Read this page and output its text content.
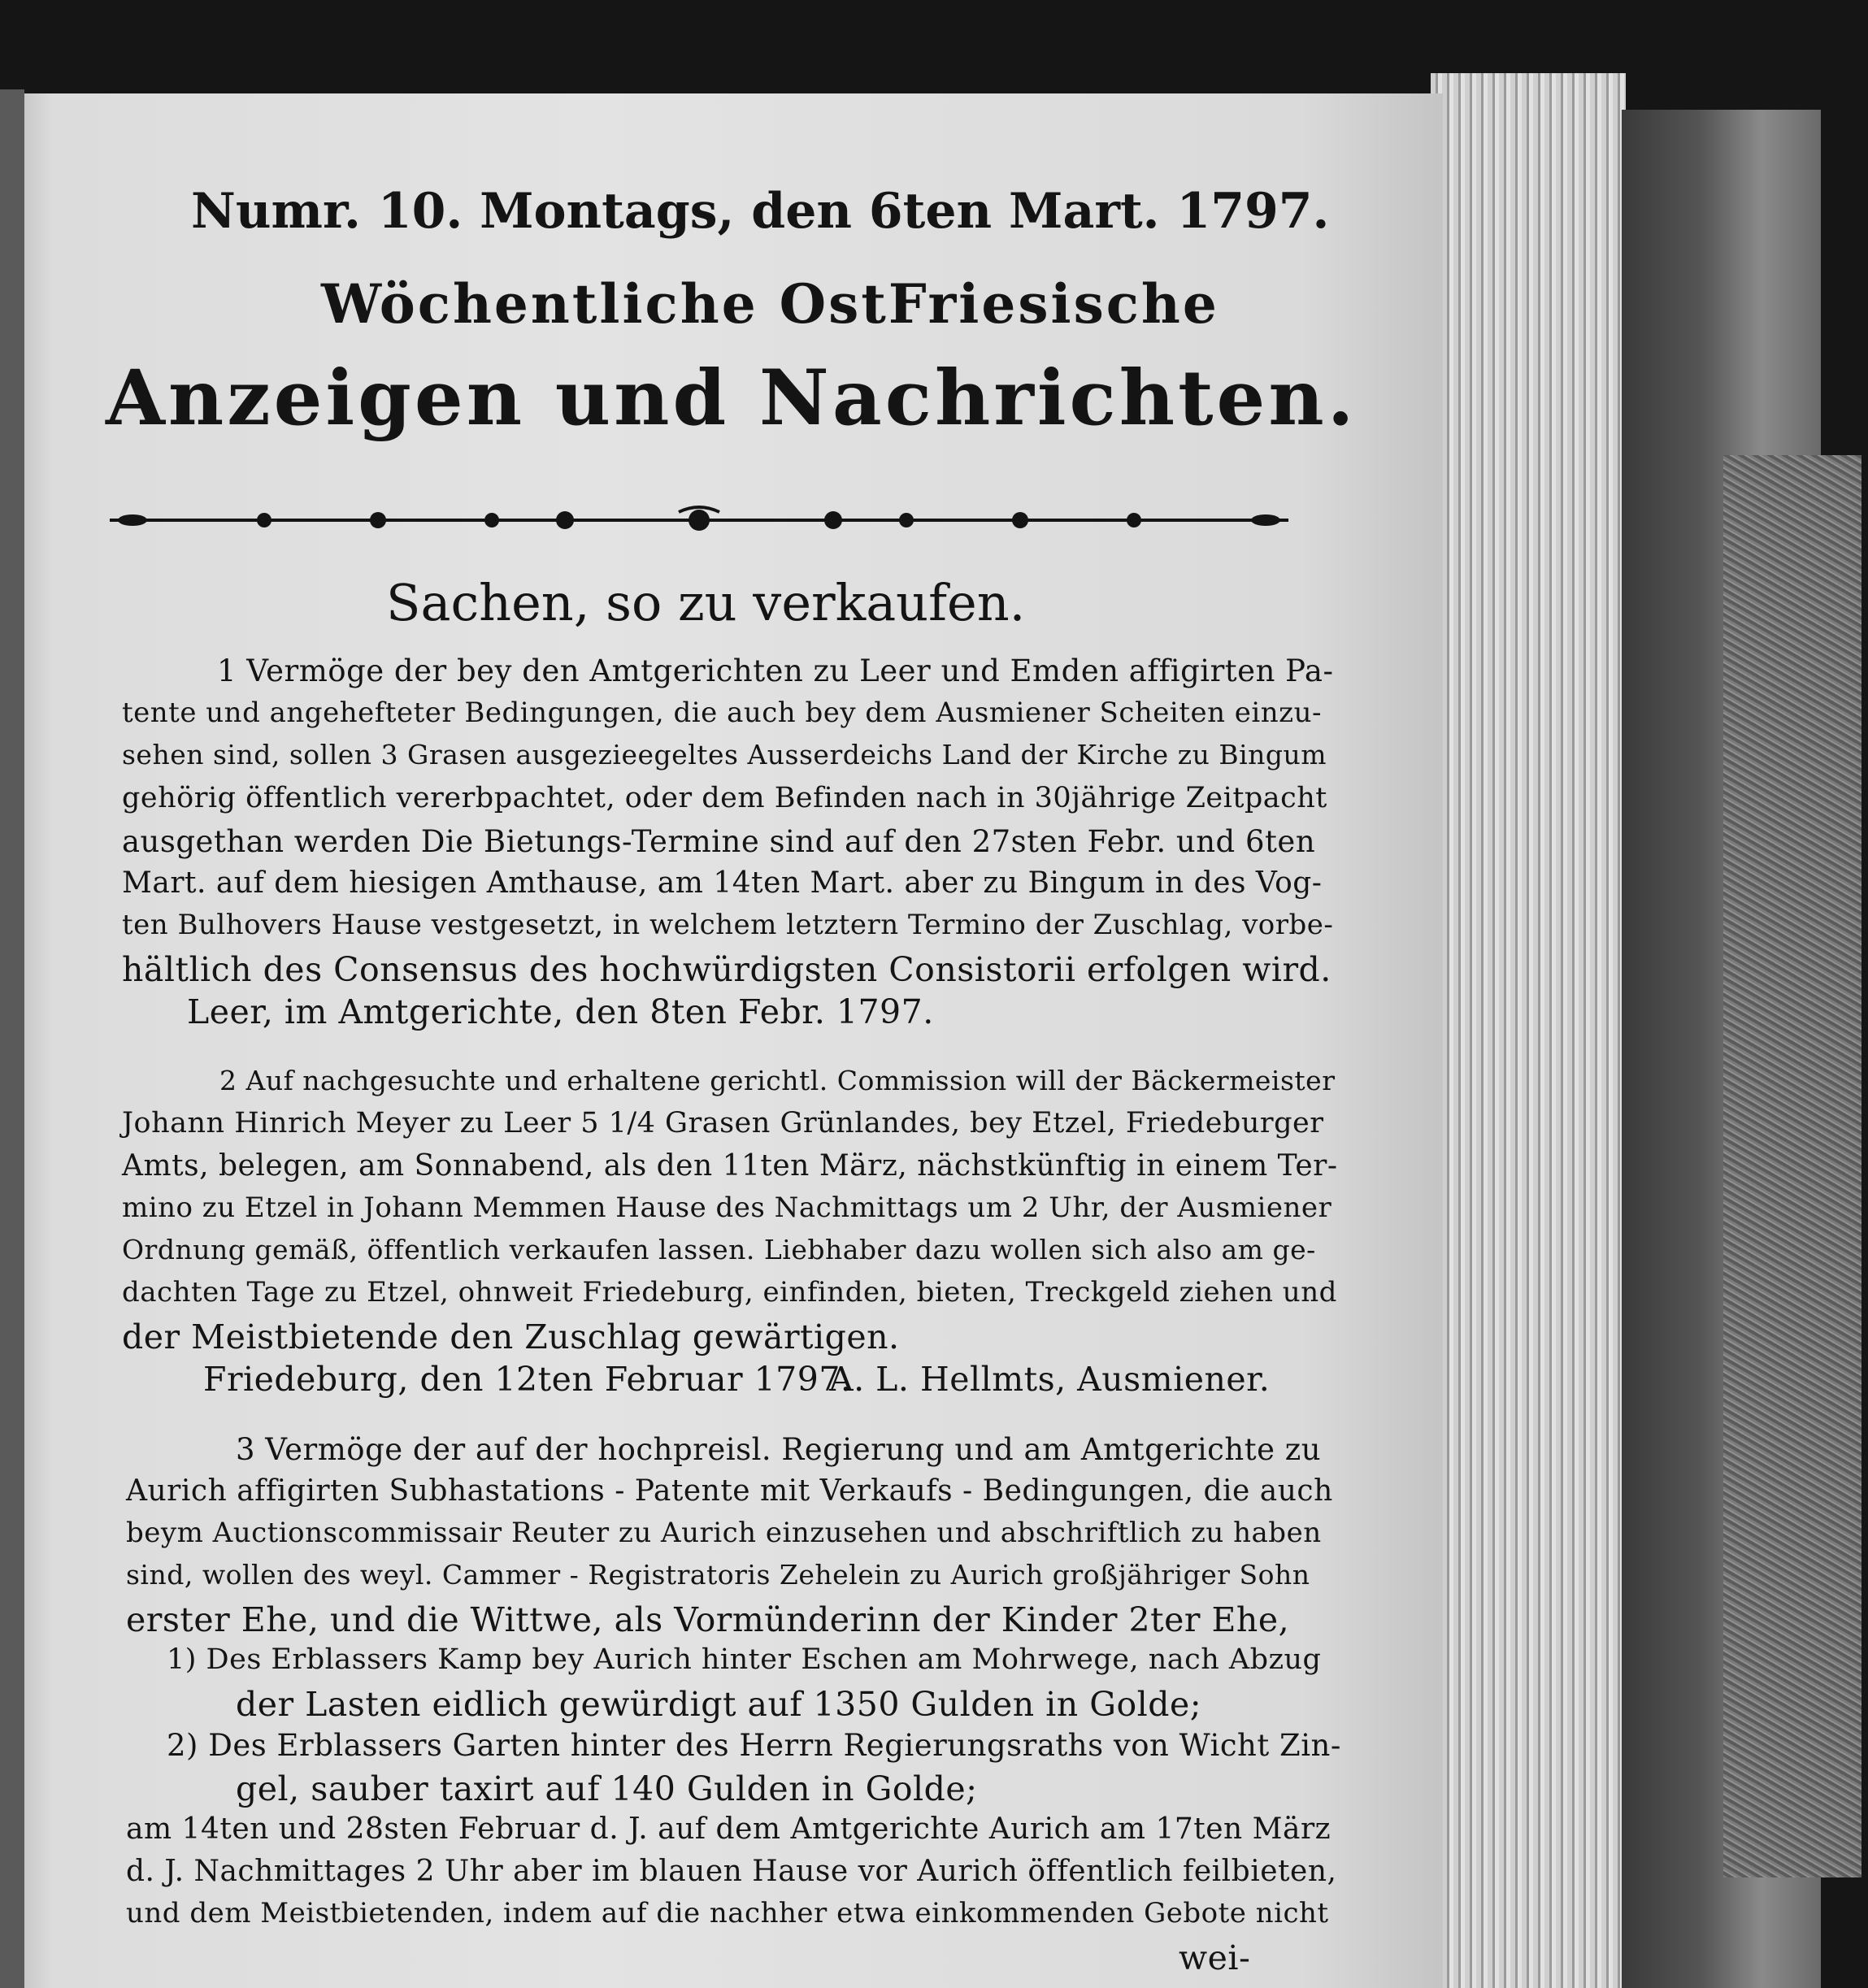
Numr. 10. Montags, den 6ten Mart. 1797.
Wöchentliche OstFriesische
Anzeigen und Nachrichten.
Sachen, so zu verkaufen.
1 Vermöge der bey den Amtgerichten zu Leer und Emden affigirten Pa-
tente und angehefteter Bedingungen, die auch bey dem Ausmiener Scheiten einzu-
sehen sind, sollen 3 Grasen ausgezieegeltes Ausserdeichs Land der Kirche zu Bingum
gehörig öffentlich vererbpachtet, oder dem Befinden nach in 30jährige Zeitpacht
ausgethan werden Die Bietungs-Termine sind auf den 27sten Febr. und 6ten
Mart. auf dem hiesigen Amthause, am 14ten Mart. aber zu Bingum in des Vog-
ten Bulhovers Hause vestgesetzt, in welchem letztern Termino der Zuschlag, vorbe-
hältlich des Consensus des hochwürdigsten Consistorii erfolgen wird.
Leer, im Amtgerichte, den 8ten Febr. 1797.
2 Auf nachgesuchte und erhaltene gerichtl. Commission will der Bäckermeister
Johann Hinrich Meyer zu Leer 5 1/4 Grasen Grünlandes, bey Etzel, Friedeburger
Amts, belegen, am Sonnabend, als den 11ten März, nächstkünftig in einem Ter-
mino zu Etzel in Johann Memmen Hause des Nachmittags um 2 Uhr, der Ausmiener
Ordnung gemäß, öffentlich verkaufen lassen. Liebhaber dazu wollen sich also am ge-
dachten Tage zu Etzel, ohnweit Friedeburg, einfinden, bieten, Treckgeld ziehen und
der Meistbietende den Zuschlag gewärtigen.
Friedeburg, den 12ten Februar 1797.
A. L. Hellmts, Ausmiener.
3 Vermöge der auf der hochpreisl. Regierung und am Amtgerichte zu
Aurich affigirten Subhastations - Patente mit Verkaufs - Bedingungen, die auch
beym Auctionscommissair Reuter zu Aurich einzusehen und abschriftlich zu haben
sind, wollen des weyl. Cammer - Registratoris Zehelein zu Aurich großjähriger Sohn
erster Ehe, und die Wittwe, als Vormünderinn der Kinder 2ter Ehe,
1) Des Erblassers Kamp bey Aurich hinter Eschen am Mohrwege, nach Abzug
der Lasten eidlich gewürdigt auf 1350 Gulden in Golde;
2) Des Erblassers Garten hinter des Herrn Regierungsraths von Wicht Zin-
gel, sauber taxirt auf 140 Gulden in Golde;
am 14ten und 28sten Februar d. J. auf dem Amtgerichte Aurich am 17ten März
d. J. Nachmittages 2 Uhr aber im blauen Hause vor Aurich öffentlich feilbieten,
und dem Meistbietenden, indem auf die nachher etwa einkommenden Gebote nicht
wei-
